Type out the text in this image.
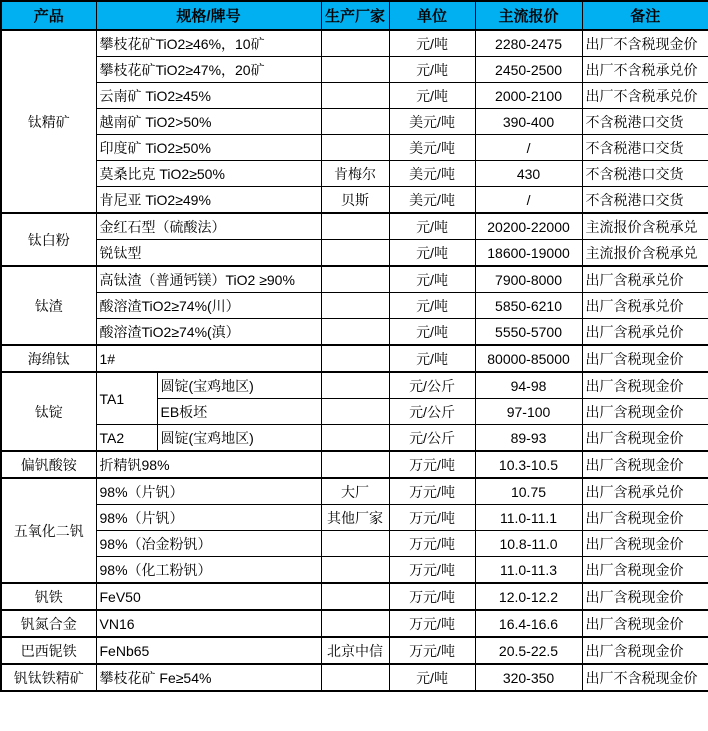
产品	规格/牌号		生产厂家	单位	主流报价	备注
钛精矿	攀枝花矿TiO2≥46%，10矿			元/吨	2280-2475	出厂不含税现金价
	攀枝花矿TiO2≥47%，20矿			元/吨	2450-2500	出厂不含税承兑价
	云南矿 TiO2≥45%			元/吨	2000-2100	出厂不含税承兑价
	越南矿 TiO2>50%			美元/吨	390-400	不含税港口交货
	印度矿 TiO2≥50%			美元/吨	/	不含税港口交货
	莫桑比克 TiO2≥50%		肯梅尔	美元/吨	430	不含税港口交货
	肯尼亚 TiO2≥49%		贝斯	美元/吨	/	不含税港口交货
钛白粉	金红石型（硫酸法）			元/吨	20200-22000	主流报价含税承兑
	锐钛型			元/吨	18600-19000	主流报价含税承兑
钛渣	高钛渣（普通钙镁）TiO2 ≥90%			元/吨	7900-8000	出厂含税承兑价
	酸溶渣TiO2≥74%(川）			元/吨	5850-6210	出厂含税承兑价
	酸溶渣TiO2≥74%(滇）			元/吨	5550-5700	出厂含税承兑价
海绵钛	1#			元/吨	80000-85000	出厂含税现金价
钛锭	TA1	圆锭(宝鸡地区)		元/公斤	94-98	出厂含税现金价
		EB板坯		元/公斤	97-100	出厂含税现金价
	TA2	圆锭(宝鸡地区)		元/公斤	89-93	出厂含税现金价
偏钒酸铵	折精钒98%			万元/吨	10.3-10.5	出厂含税现金价
五氧化二钒	98%（片钒）		大厂	万元/吨	10.75	出厂含税承兑价
	98%（片钒）		其他厂家	万元/吨	11.0-11.1	出厂含税现金价
	98%（冶金粉钒）			万元/吨	10.8-11.0	出厂含税现金价
	98%（化工粉钒）			万元/吨	11.0-11.3	出厂含税现金价
钒铁	FeV50			万元/吨	12.0-12.2	出厂含税现金价
钒氮合金	VN16			万元/吨	16.4-16.6	出厂含税现金价
巴西铌铁	FeNb65		北京中信	万元/吨	20.5-22.5	出厂含税现金价
钒钛铁精矿	攀枝花矿 Fe≥54%			元/吨	320-350	出厂不含税现金价
